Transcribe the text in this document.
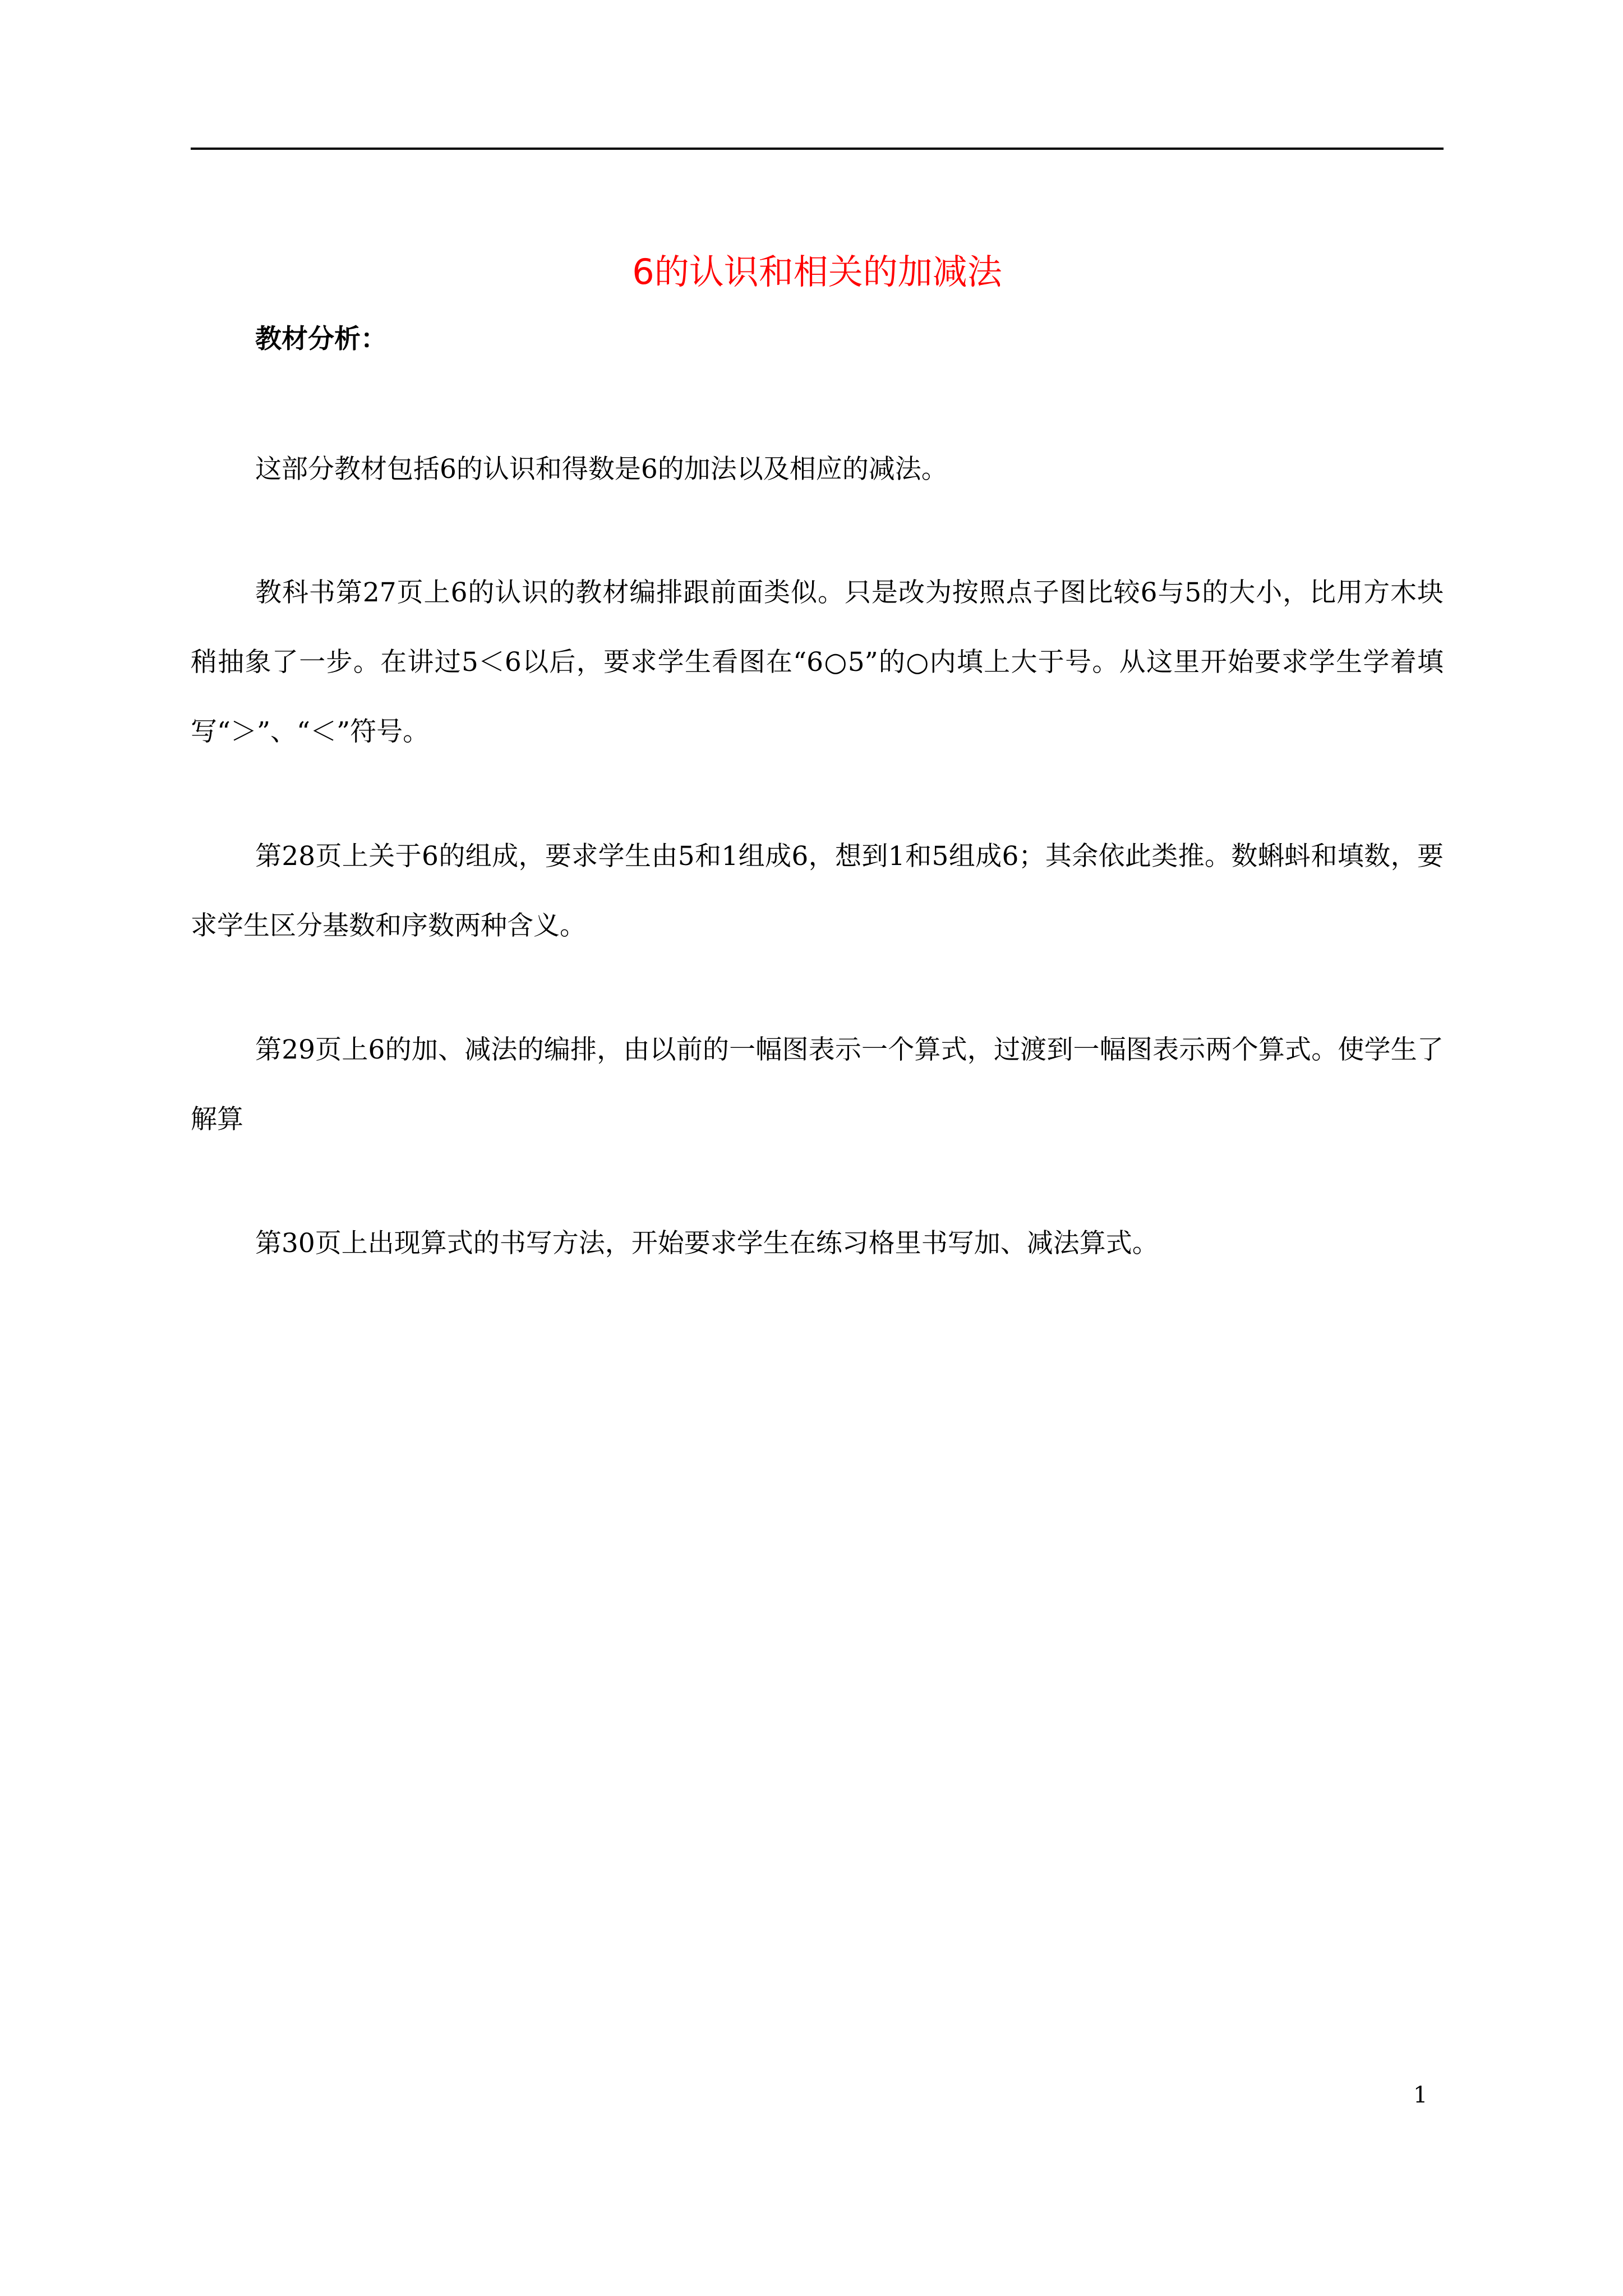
6的认识和相关的加减法
教材分析：

这部分教材包括6的认识和得数是6的加法以及相应的减法。

教科书第27页上6的认识的教材编排跟前面类似。只是改为按照点子图比较6与5的大小，比用方木块稍抽象了一步。在讲过5＜6以后，要求学生看图在“6○5”的○内填上大于号。从这里开始要求学生学着填写“＞”、“＜”符号。

第28页上关于6的组成，要求学生由5和1组成6，想到1和5组成6；其余依此类推。数蝌蚪和填数，要求学生区分基数和序数两种含义。

第29页上6的加、减法的编排，由以前的一幅图表示一个算式，过渡到一幅图表示两个算式。使学生了解算

第30页上出现算式的书写方法，开始要求学生在练习格里书写加、减法算式。

1
